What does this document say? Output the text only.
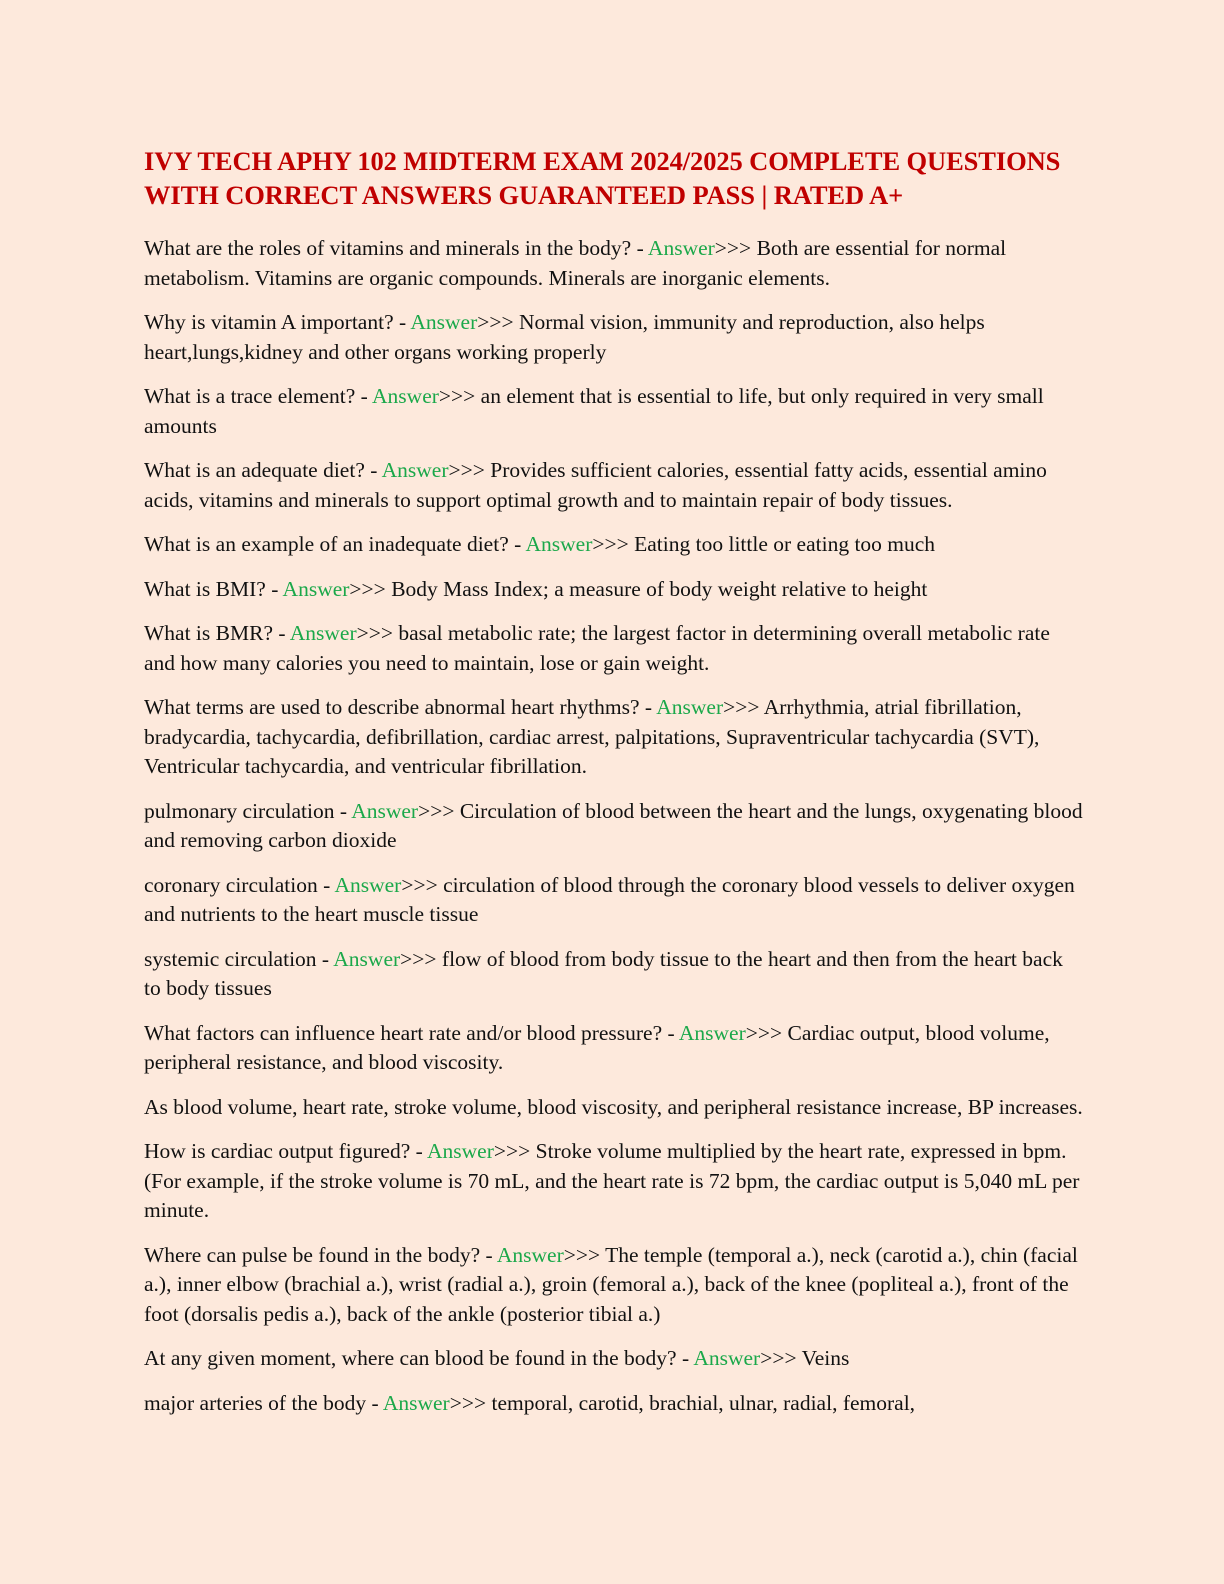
IVY TECH APHY 102 MIDTERM EXAM 2024/2025 COMPLETE QUESTIONS WITH CORRECT ANSWERS GUARANTEED PASS | RATED A+

What are the roles of vitamins and minerals in the body? - Answer>>> Both are essential for normal metabolism. Vitamins are organic compounds. Minerals are inorganic elements.

Why is vitamin A important? - Answer>>> Normal vision, immunity and reproduction, also helps heart,lungs,kidney and other organs working properly

What is a trace element? - Answer>>> an element that is essential to life, but only required in very small amounts

What is an adequate diet? - Answer>>> Provides sufficient calories, essential fatty acids, essential amino acids, vitamins and minerals to support optimal growth and to maintain repair of body tissues.

What is an example of an inadequate diet? - Answer>>> Eating too little or eating too much

What is BMI? - Answer>>> Body Mass Index; a measure of body weight relative to height

What is BMR? - Answer>>> basal metabolic rate; the largest factor in determining overall metabolic rate and how many calories you need to maintain, lose or gain weight.

What terms are used to describe abnormal heart rhythms? - Answer>>> Arrhythmia, atrial fibrillation, bradycardia, tachycardia, defibrillation, cardiac arrest, palpitations, Supraventricular tachycardia (SVT), Ventricular tachycardia, and ventricular fibrillation.

pulmonary circulation - Answer>>> Circulation of blood between the heart and the lungs, oxygenating blood and removing carbon dioxide

coronary circulation - Answer>>> circulation of blood through the coronary blood vessels to deliver oxygen and nutrients to the heart muscle tissue

systemic circulation - Answer>>> flow of blood from body tissue to the heart and then from the heart back to body tissues

What factors can influence heart rate and/or blood pressure? - Answer>>> Cardiac output, blood volume, peripheral resistance, and blood viscosity.

As blood volume, heart rate, stroke volume, blood viscosity, and peripheral resistance increase, BP increases.

How is cardiac output figured? - Answer>>> Stroke volume multiplied by the heart rate, expressed in bpm. (For example, if the stroke volume is 70 mL, and the heart rate is 72 bpm, the cardiac output is 5,040 mL per minute.

Where can pulse be found in the body? - Answer>>> The temple (temporal a.), neck (carotid a.), chin (facial a.), inner elbow (brachial a.), wrist (radial a.), groin (femoral a.), back of the knee (popliteal a.), front of the foot (dorsalis pedis a.), back of the ankle (posterior tibial a.)

At any given moment, where can blood be found in the body? - Answer>>> Veins

major arteries of the body - Answer>>> temporal, carotid, brachial, ulnar, radial, femoral,
